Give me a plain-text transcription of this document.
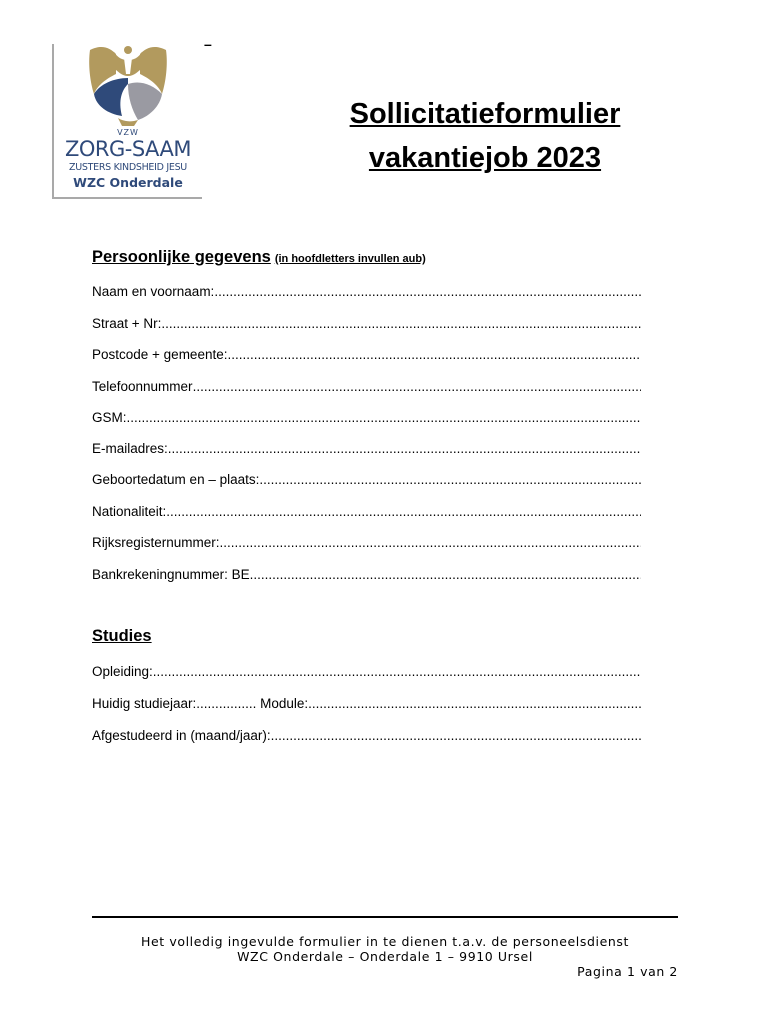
VZW
ZORG-SAAM
ZUSTERS KINDSHEID JESU
WZC Onderdale
–
Sollicitatieformulier
vakantiejob 2023
Persoonlijke gegevens (in hoofdletters invullen aub)
Naam en voornaam:
.....
Straat + Nr:
.....
Postcode + gemeente:
.....
Telefoonnummer
.....
GSM:
.....
E-mailadres:
.....
Geboortedatum en – plaats:
.....
Nationaliteit:
.....
Rijksregisternummer:
.....
Bankrekeningnummer: BE
.....
Studies
Opleiding:
.....
Huidig studiejaar:................ Module:
.....
Afgestudeerd in (maand/jaar):
.....
Het volledig ingevulde formulier in te dienen t.a.v. de personeelsdienst
WZC Onderdale – Onderdale 1 – 9910 Ursel
Pagina 1 van 2
